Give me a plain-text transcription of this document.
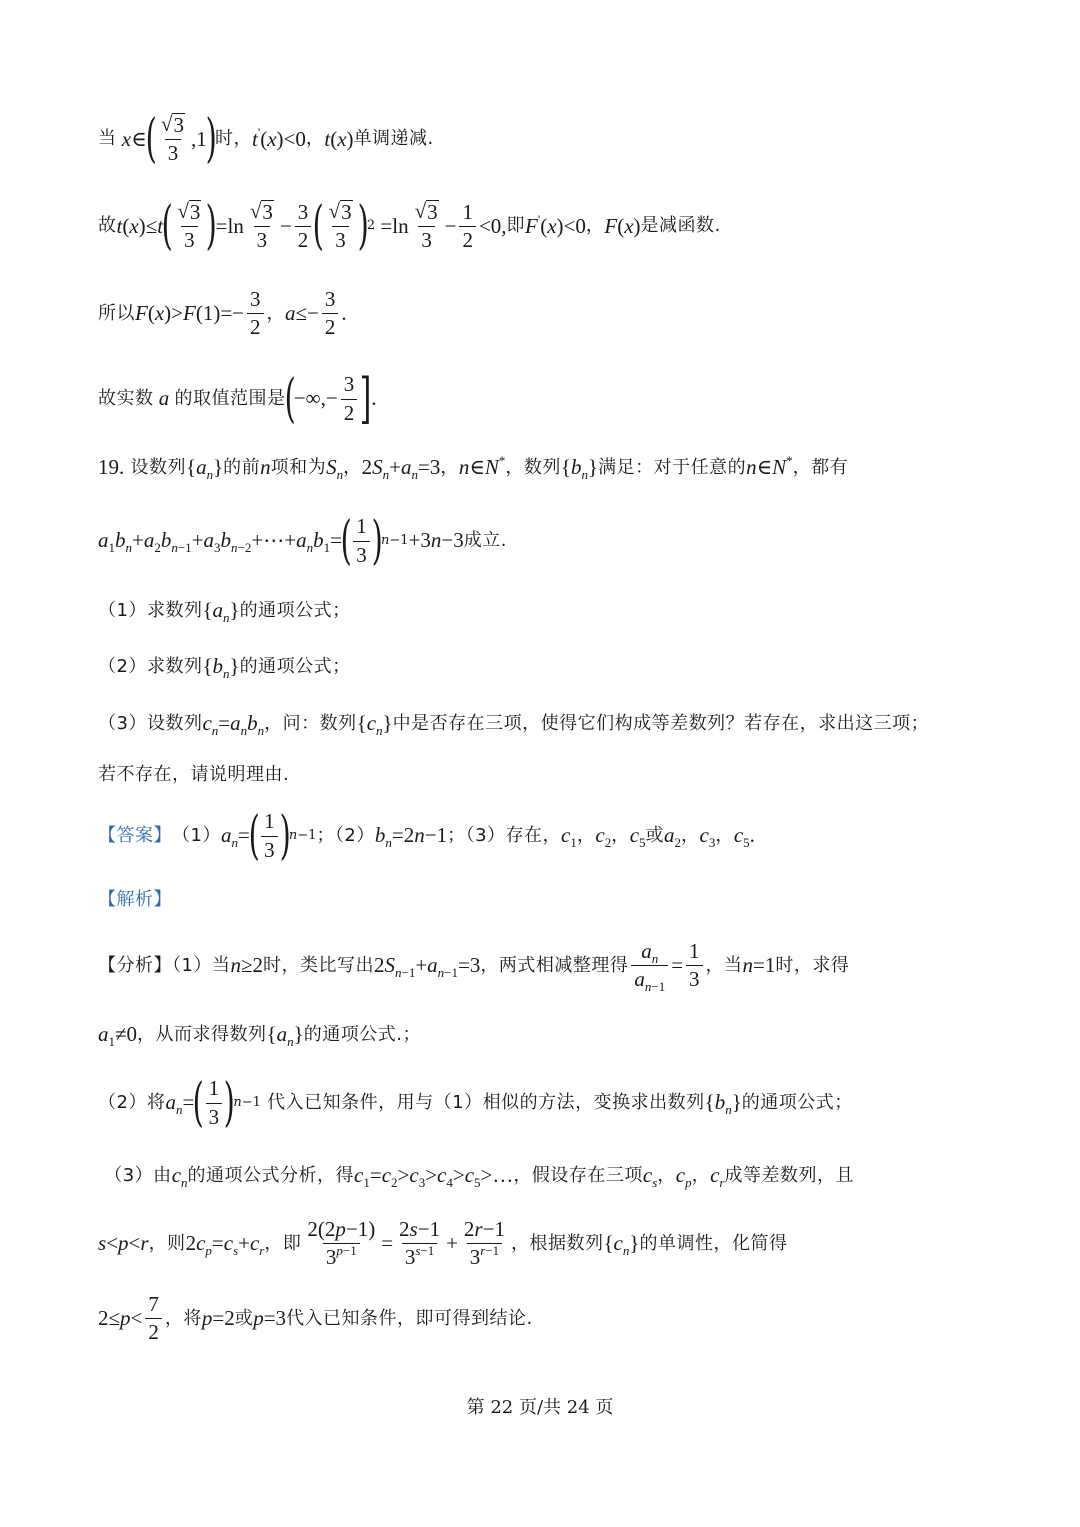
当 x∈
( $\frac{√ 3}{3} ,1$
)
时， t'(x)<0 ， t(x) 单调递减.
故 t(x)≤t
( $\frac{√ 3}{3}$ )
$=\ln \frac{√ 3}{3} - \frac{3}{2}$ ( $\frac{√ 3}{3}$ )
$2 =\ln \frac{√ 3}{3} - \frac{1}{2} <0$, 即 F'(x)<0 ， F(x) 是减函数.
所以 $F(x)>F(1)=- \frac{3}{2}$ ， $a\le- \frac{3}{2}$ .
故实数 a 的取值范围是
(
−∞,− $\frac{3}{2}$ ] .
19. 设数列 $\{a_n\}$ 的前 n 项和为 $S_n$ ， $2S_n+a_n=3$ ， n∈N* ，数列 $\{b_n\}$ 满足：对于任意的 n∈N* ，都有
$a_1b_n+a_2b_{n-1}+a_3b_{n-2}+\cdots+a_nb_1=$
( $\frac{1}{3}$ )
n−1 +3n−3 成立.
（1）求数列 $\{a_n\}$ 的通项公式；
（2）求数列 $\{b_n\}$ 的通项公式；
（3）设数列 $c_n=a_nb_n$ ，问：数列 $\{c_n\}$ 中是否存在三项，使得它们构成等差数列？若存在，求出这三项；
若不存在，请说明理由.
【答案】 （1） $a_n=$
( $\frac{1}{3}$ )
n−1 ；（2） $b_n=2n-1$ ；（3）存在， $c_1$ ， $c_2$ ， $c_5$ 或 $a_2$ ， $c_3$ ， $c_5$.
【解析】
【分析】（1）当 n≥2 时，类比写出 $2S_{n-1}+a_{n-1}=3$ ，两式相减整理得 $\frac{a_n}{a_{n-1}} = \frac{1}{3}$ ，当 n=1 时，求得
$a_1\ne 0$ ，从而求得数列 $\{a_n\}$ 的通项公式.；
（2）将 $a_n=$
( $\frac{1}{3}$ )
n−1 代入已知条件，用与（1）相似的方法，变换求出数列 $\{b_n\}$ 的通项公式；
（3）由 $c_n$ 的通项公式分析，得 $c_1=c_2>c_3>c_4>c_5>\dots$ ，假设存在三项 $c_s$ ， $c_p$ ， $c_r$ 成等差数列，且
s<p<r ，则 $2c_p=c_s+c_r$ ，即 $\frac{2(2p-1)}{3^{p-1}} = \frac{2s-1}{3^{s-1}} + \frac{2r-1}{3^{r-1}}$ ，根据数列 $\{c_n\}$ 的单调性，化简得
$2\le p< \frac{7}{2}$ ，将 p=2 或 p=3 代入已知条件，即可得到结论.
第 22 页/共 24 页
